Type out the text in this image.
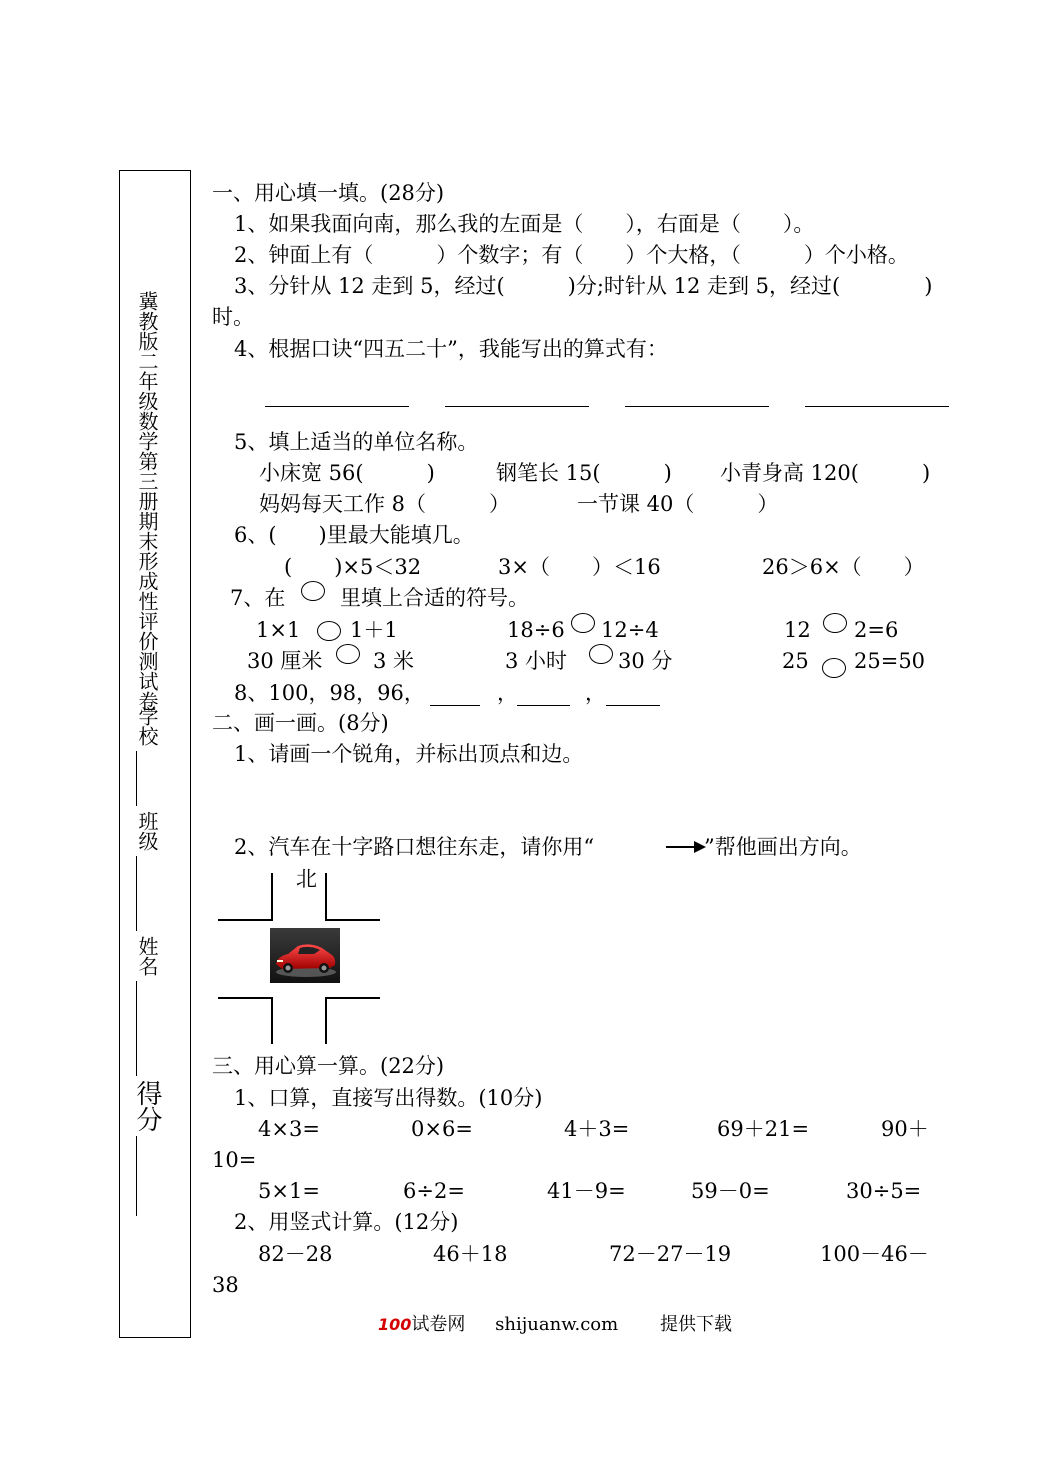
冀教版二年级数学第三册期末形成性评价测试卷
学校
班级
姓名
得分
一、用心填一填。(28分)
1、如果我面向南，那么我的左面是（　　），右面是（　　）。
2、钟面上有（　　　）个数字；有（　　）个大格，（　　　）个小格。
3、分针从 12 走到 5，经过(　　　)分;时针从 12 走到 5，经过(　　　　)
时。
4、根据口诀“四五二十”，我能写出的算式有：
5、填上适当的单位名称。
小床宽 56(　　　)	钢笔长 15(　　　) 小青身高 120(　　　)
妈妈每天工作 8（　　　）	一节课 40（　　　）
6、(　　)里最大能填几。
(　　)×5＜32	3×（　　）＜16	26＞6×（　　）
7、在	里填上合适的符号。
1×1 1＋1	18÷6 12÷4	12 2=6
30 厘米 3 米	3 小时 30 分	25 25=50
8、100，98，96，	，	，
二、画一画。(8分)
1、请画一个锐角，并标出顶点和边。
2、汽车在十字路口想往东走，请你用“	”帮他画出方向。
北
三、用心算一算。(22分)
1、口算，直接写出得数。(10分)
4×3=	0×6=	4＋3=	69＋21=	90＋
10=
5×1=	6÷2=	41－9=	59－0=	30÷5=
2、用竖式计算。(12分)
82－28	46＋18	72－27－19	100－46－
38
100试卷网 shijuanw.com 提供下载
